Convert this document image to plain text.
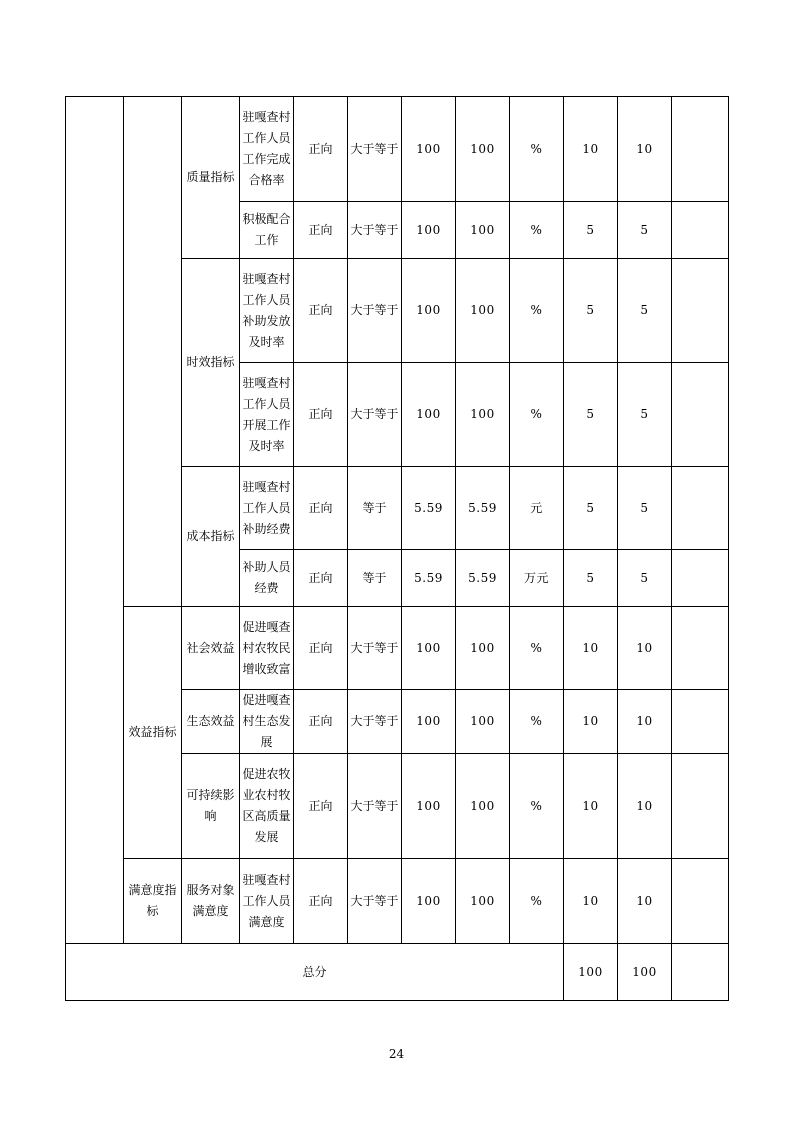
		质量指标	驻嘎查村工作人员工作完成合格率	正向	大于等于	100	100	%	10	10	
			积极配合工作	正向	大于等于	100	100	%	5	5	
		时效指标	驻嘎查村工作人员补助发放及时率	正向	大于等于	100	100	%	5	5	
			驻嘎查村工作人员开展工作及时率	正向	大于等于	100	100	%	5	5	
		成本指标	驻嘎查村工作人员补助经费	正向	等于	5.59	5.59	元	5	5	
			补助人员经费	正向	等于	5.59	5.59	万元	5	5	
	效益指标	社会效益	促进嘎查村农牧民增收致富	正向	大于等于	100	100	%	10	10	
		生态效益	促进嘎查村生态发展	正向	大于等于	100	100	%	10	10	
		可持续影响	促进农牧业农村牧区高质量发展	正向	大于等于	100	100	%	10	10	
	满意度指标	服务对象满意度	驻嘎查村工作人员满意度	正向	大于等于	100	100	%	10	10	
总分									100	100	
24
